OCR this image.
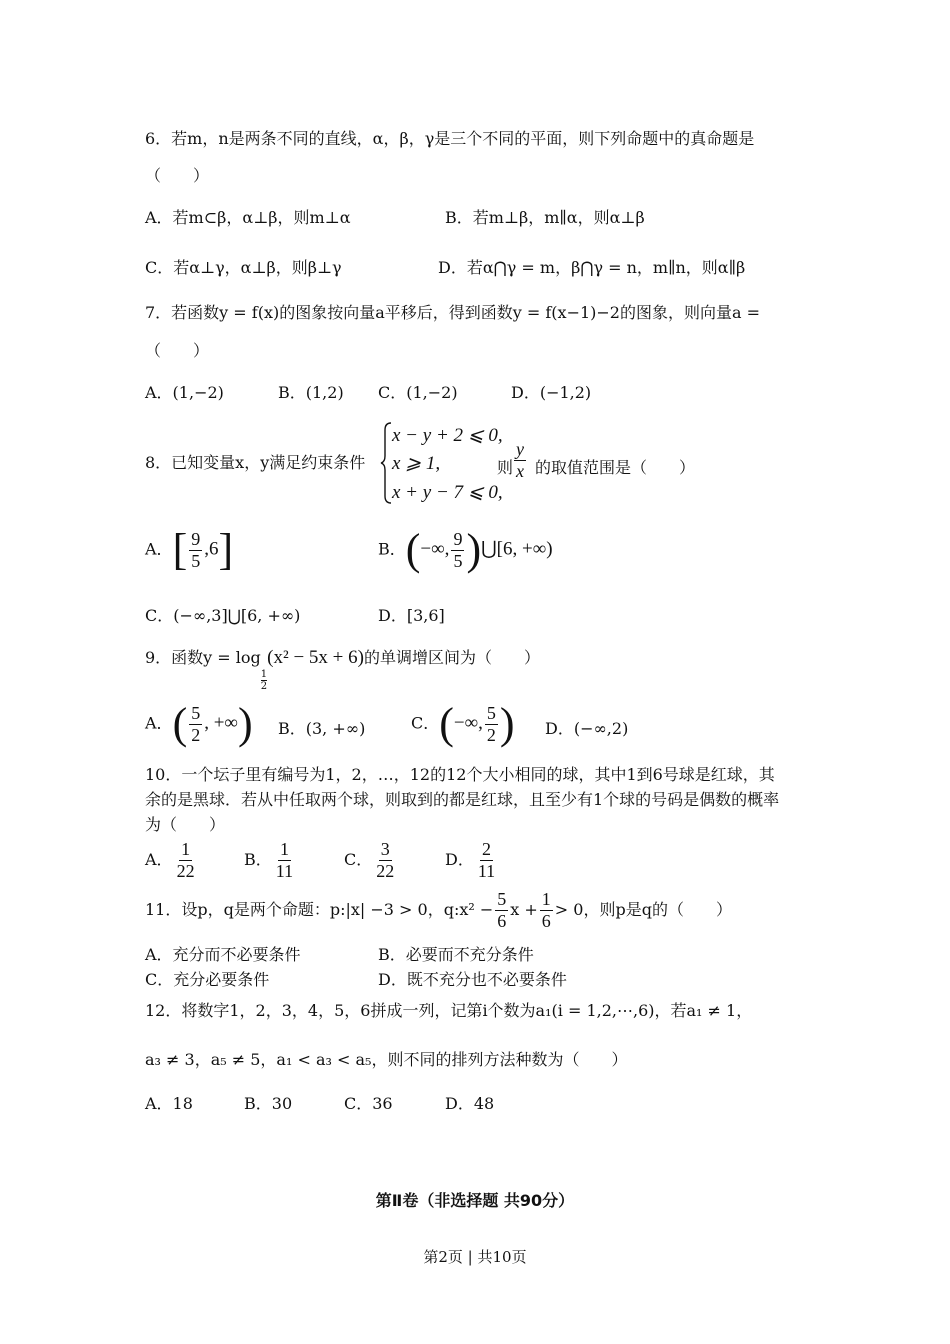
6．若m，n是两条不同的直线，α，β，γ是三个不同的平面，则下列命题中的真命题是
（　　）
A．若m⊂β，α⊥β，则m⊥α	B．若m⊥β，m∥α，则α⊥β
C．若α⊥γ，α⊥β，则β⊥γ	D．若α⋂γ = m，β⋂γ = n，m∥n，则α∥β
7．若函数y = f(x)的图象按向量a平移后，得到函数y = f(x−1)−2的图象，则向量a =
（　　）
A．(1,−2)	B．(1,2) C．(1,−2)	D．(−1,2)
8．已知变量x，y满足约束条件
x − y + 2 ⩽ 0,
x ⩾ 1,
x + y − 7 ⩽ 0,
则 $\frac{y}{x}$ 的取值范围是（　　）
A．[ $\frac{9}{5} ,6$]	B．(−∞, $\frac{9}{5}$ )⋃[6, +∞)
C．(−∞,3]⋃[6, +∞)	D．[3,6]
9．函数y = log
$\frac{1}{2}$
(x² − 5x + 6)的单调增区间为（　　）
A．( $\frac{5}{2}$ , +∞) B．(3, +∞)	C．(−∞, $\frac{5}{2}$ ) D．(−∞,2)
10．一个坛子里有编号为1，2，…，12的12个大小相同的球，其中1到6号球是红球，其
余的是黑球．若从中任取两个球，则取到的都是红球，且至少有1个球的号码是偶数的概率
为（　　）
A． $\frac{1}{22}$	B． $\frac{1}{11}$	C． $\frac{3}{22}$	D． $\frac{2}{11}$
11．设p，q是两个命题：p:|x| −3 > 0，q:x² − $\frac{5}{6}$ $x + \frac{1}{6} > 0$，则p是q的（　　）
A．充分而不必要条件	B．必要而不充分条件
C．充分必要条件	D．既不充分也不必要条件
12．将数字1，2，3，4，5，6拼成一列，记第i个数为a₁(i = 1,2,⋯,6)，若a₁ ≠ 1，
a₃ ≠ 3，a₅ ≠ 5，a₁ < a₃ < a₅，则不同的排列方法种数为（　　）
A．18	B．30	C．36	D．48
第Ⅱ卷（非选择题 共90分）
第2页 | 共10页
